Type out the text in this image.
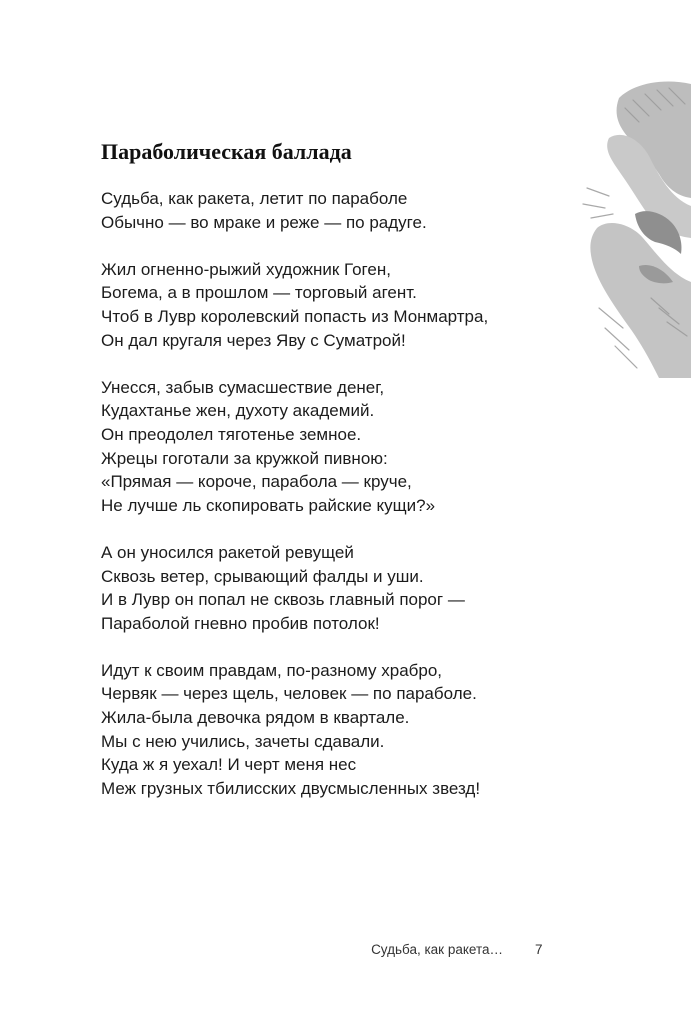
Параболическая баллада
Судьба, как ракета, летит по параболе
Обычно — во мраке и реже — по радуге.
Жил огненно-рыжий художник Гоген,
Богема, а в прошлом — торговый агент.
Чтоб в Лувр королевский попасть из Монмартра,
Он дал кругаля через Яву с Суматрой!
Унесся, забыв сумасшествие денег,
Кудахтанье жен, духоту академий.
Он преодолел тяготенье земное.
Жрецы гоготали за кружкой пивною:
«Прямая — короче, парабола — круче,
Не лучше ль скопировать райские кущи?»
А он уносился ракетой ревущей
Сквозь ветер, срывающий фалды и уши.
И в Лувр он попал не сквозь главный порог —
Параболой гневно пробив потолок!
Идут к своим правдам, по-разному храбро,
Червяк — через щель, человек — по параболе.
Жила-была девочка рядом в квартале.
Мы с нею учились, зачеты сдавали.
Куда ж я уехал! И черт меня нес
Меж грузных тбилисских двусмысленных звезд!
Судьба, как ракета… 7
